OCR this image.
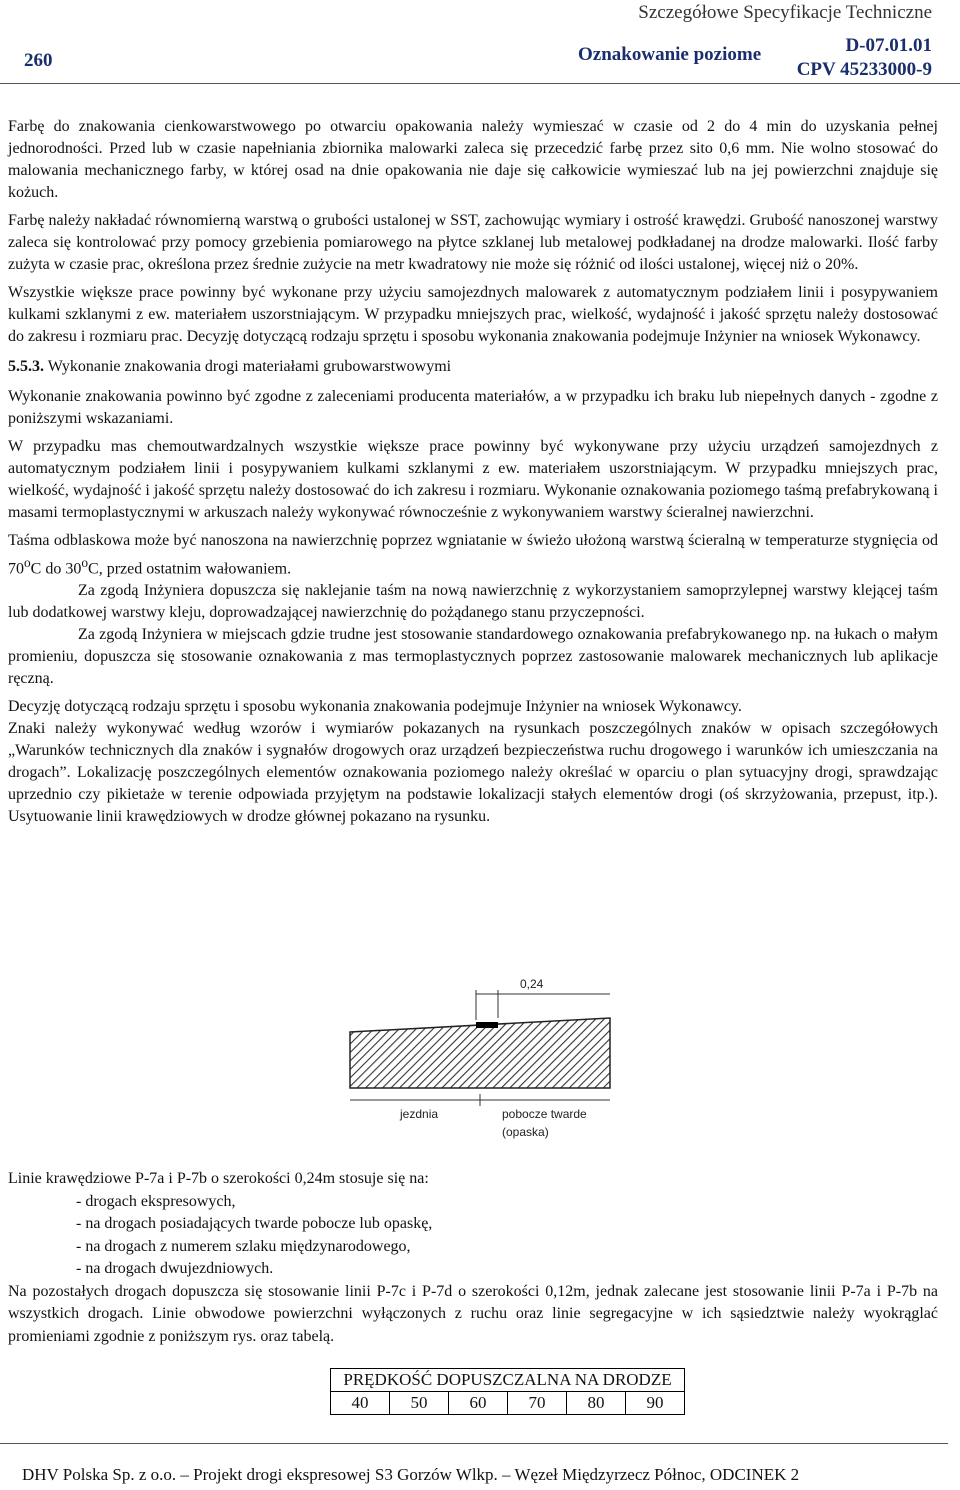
Szczegółowe Specyfikacje Techniczne
260	Oznakowanie poziome	D-07.01.01
CPV 45233000-9

Farbę do znakowania cienkowarstwowego po otwarciu opakowania należy wymieszać w czasie od 2 do 4 min do uzyskania pełnej jednorodności. Przed lub w czasie napełniania zbiornika malowarki zaleca się przecedzić farbę przez sito 0,6 mm. Nie wolno stosować do malowania mechanicznego farby, w której osad na dnie opakowania nie daje się całkowicie wymieszać lub na jej powierzchni znajduje się kożuch.

Farbę należy nakładać równomierną warstwą o grubości ustalonej w SST, zachowując wymiary i ostrość krawędzi. Grubość nanoszonej warstwy zaleca się kontrolować przy pomocy grzebienia pomiarowego na płytce szklanej lub metalowej podkładanej na drodze malowarki. Ilość farby zużyta w czasie prac, określona przez średnie zużycie na metr kwadratowy nie może się różnić od ilości ustalonej, więcej niż o 20%.

Wszystkie większe prace powinny być wykonane przy użyciu samojezdnych malowarek z automatycznym podziałem linii i posypywaniem kulkami szklanymi z ew. materiałem uszorstniającym. W przypadku mniejszych prac, wielkość, wydajność i jakość sprzętu należy dostosować do zakresu i rozmiaru prac. Decyzję dotyczącą rodzaju sprzętu i sposobu wykonania znakowania podejmuje Inżynier na wniosek Wykonawcy.

5.5.3. Wykonanie znakowania drogi materiałami grubowarstwowymi

Wykonanie znakowania powinno być zgodne z zaleceniami producenta materiałów, a w przypadku ich braku lub niepełnych danych - zgodne z poniższymi wskazaniami.

W przypadku mas chemoutwardzalnych wszystkie większe prace powinny być wykonywane przy użyciu urządzeń samojezdnych z automatycznym podziałem linii i posypywaniem kulkami szklanymi z ew. materiałem uszorstniającym. W przypadku mniejszych prac, wielkość, wydajność i jakość sprzętu należy dostosować do ich zakresu i rozmiaru. Wykonanie oznakowania poziomego taśmą prefabrykowaną i masami termoplastycznymi w arkuszach należy wykonywać równocześnie z wykonywaniem warstwy ścieralnej nawierzchni.

Taśma odblaskowa może być nanoszona na nawierzchnię poprzez wgniatanie w świeżo ułożoną warstwą ścieralną w temperaturze stygnięcia od 70$^o$C do 30$^o$C, przed ostatnim wałowaniem.

Za zgodą Inżyniera dopuszcza się naklejanie taśm na nową nawierzchnię z wykorzystaniem samoprzylepnej warstwy klejącej taśm lub dodatkowej warstwy kleju, doprowadzającej nawierzchnię do pożądanego stanu przyczepności.

Za zgodą Inżyniera w miejscach gdzie trudne jest stosowanie standardowego oznakowania prefabrykowanego np. na łukach o małym promieniu, dopuszcza się stosowanie oznakowania z mas termoplastycznych poprzez zastosowanie malowarek mechanicznych lub aplikacje ręczną.

Decyzję dotyczącą rodzaju sprzętu i sposobu wykonania znakowania podejmuje Inżynier na wniosek Wykonawcy.

Znaki należy wykonywać według wzorów i wymiarów pokazanych na rysunkach poszczególnych znaków w opisach szczegółowych „Warunków technicznych dla znaków i sygnałów drogowych oraz urządzeń bezpieczeństwa ruchu drogowego i warunków ich umieszczania na drogach”. Lokalizację poszczególnych elementów oznakowania poziomego należy określać w oparciu o plan sytuacyjny drogi, sprawdzając uprzednio czy pikietaże w terenie odpowiada przyjętym na podstawie lokalizacji stałych elementów drogi (oś skrzyżowania, przepust, itp.). Usytuowanie linii krawędziowych w drodze głównej pokazano na rysunku.

0,24
jezdnia	pobocze twarde
(opaska)

Linie krawędziowe P-7a i P-7b o szerokości 0,24m stosuje się na:

- drogach ekspresowych,
- na drogach posiadających twarde pobocze lub opaskę,
- na drogach z numerem szlaku międzynarodowego,
- na drogach dwujezdniowych.

Na pozostałych drogach dopuszcza się stosowanie linii P-7c i P-7d o szerokości 0,12m, jednak zalecane jest stosowanie linii P-7a i P-7b na wszystkich drogach. Linie obwodowe powierzchni wyłączonych z ruchu oraz linie segregacyjne w ich sąsiedztwie należy wyokrąglać promieniami zgodnie z poniższym rys. oraz tabelą.

PRĘDKOŚĆ DOPUSZCZALNA NA DRODZE
40	50	60	70	80	90
DHV Polska Sp. z o.o. – Projekt drogi ekspresowej S3 Gorzów Wlkp. – Węzeł Międzyrzecz Północ, ODCINEK 2
